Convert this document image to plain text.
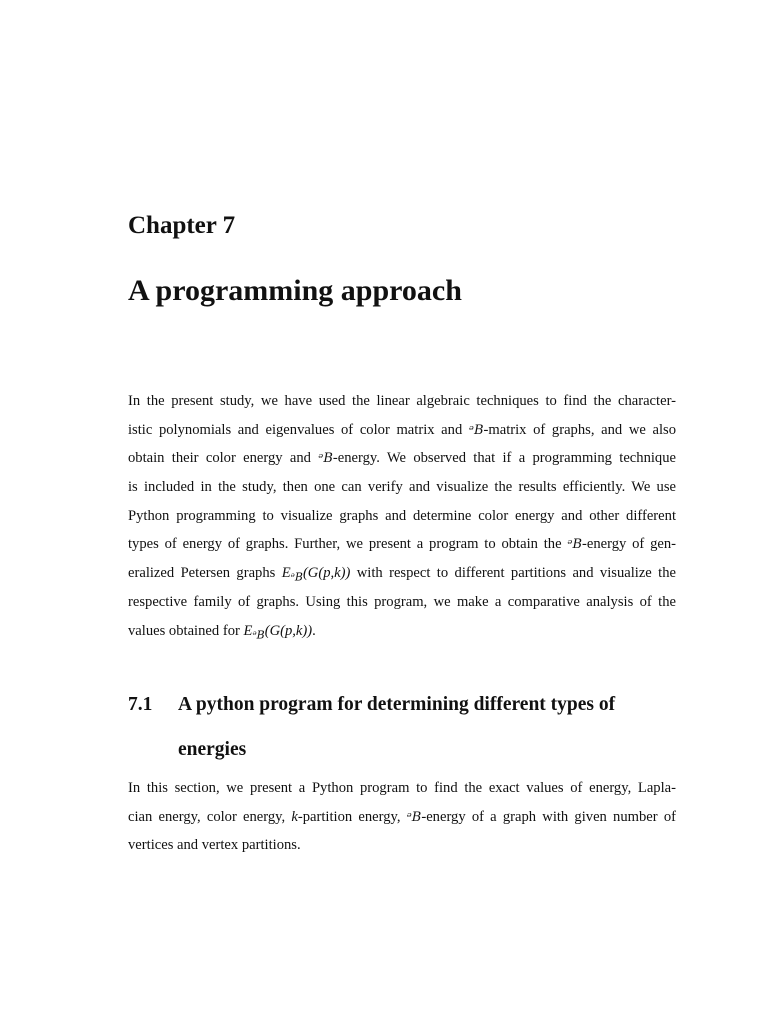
Chapter 7
A programming approach
In the present study, we have used the linear algebraic techniques to find the character-
istic polynomials and eigenvalues of color matrix and ᵊB-matrix of graphs, and we also
obtain their color energy and ᵊB-energy. We observed that if a programming technique
is included in the study, then one can verify and visualize the results efficiently. We use
Python programming to visualize graphs and determine color energy and other different
types of energy of graphs. Further, we present a program to obtain the ᵊB-energy of gen-
eralized Petersen graphs $E_{ᵊB}(G(p,k))$ with respect to different partitions and visualize the
respective family of graphs. Using this program, we make a comparative analysis of the
values obtained for $E_{ᵊB}(G(p,k))$.
7.1 A python program for determining different types of
energies
In this section, we present a Python program to find the exact values of energy, Lapla-
cian energy, color energy, k-partition energy, ᵊB-energy of a graph with given number of
vertices and vertex partitions.
